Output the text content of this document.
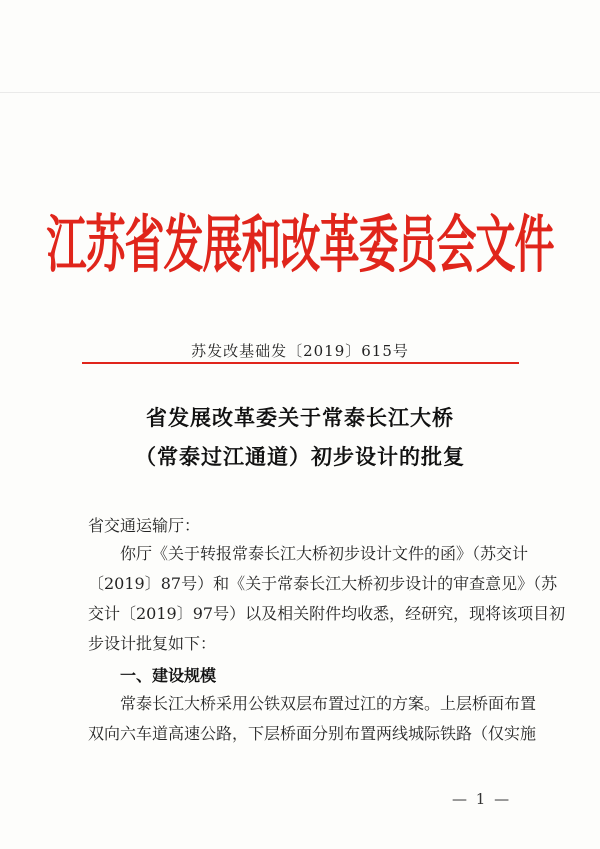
江苏省发展和改革委员会文件
苏发改基础发〔2019〕615号
省发展改革委关于常泰长江大桥
（常泰过江通道）初步设计的批复
省交通运输厅：
你厅《关于转报常泰长江大桥初步设计文件的函》（苏交计
〔2019〕87号）和《关于常泰长江大桥初步设计的审查意见》（苏
交计〔2019〕97号）以及相关附件均收悉，经研究，现将该项目初
步设计批复如下：
一、建设规模
常泰长江大桥采用公铁双层布置过江的方案。上层桥面布置
双向六车道高速公路，下层桥面分别布置两线城际铁路（仅实施
— 1 —
